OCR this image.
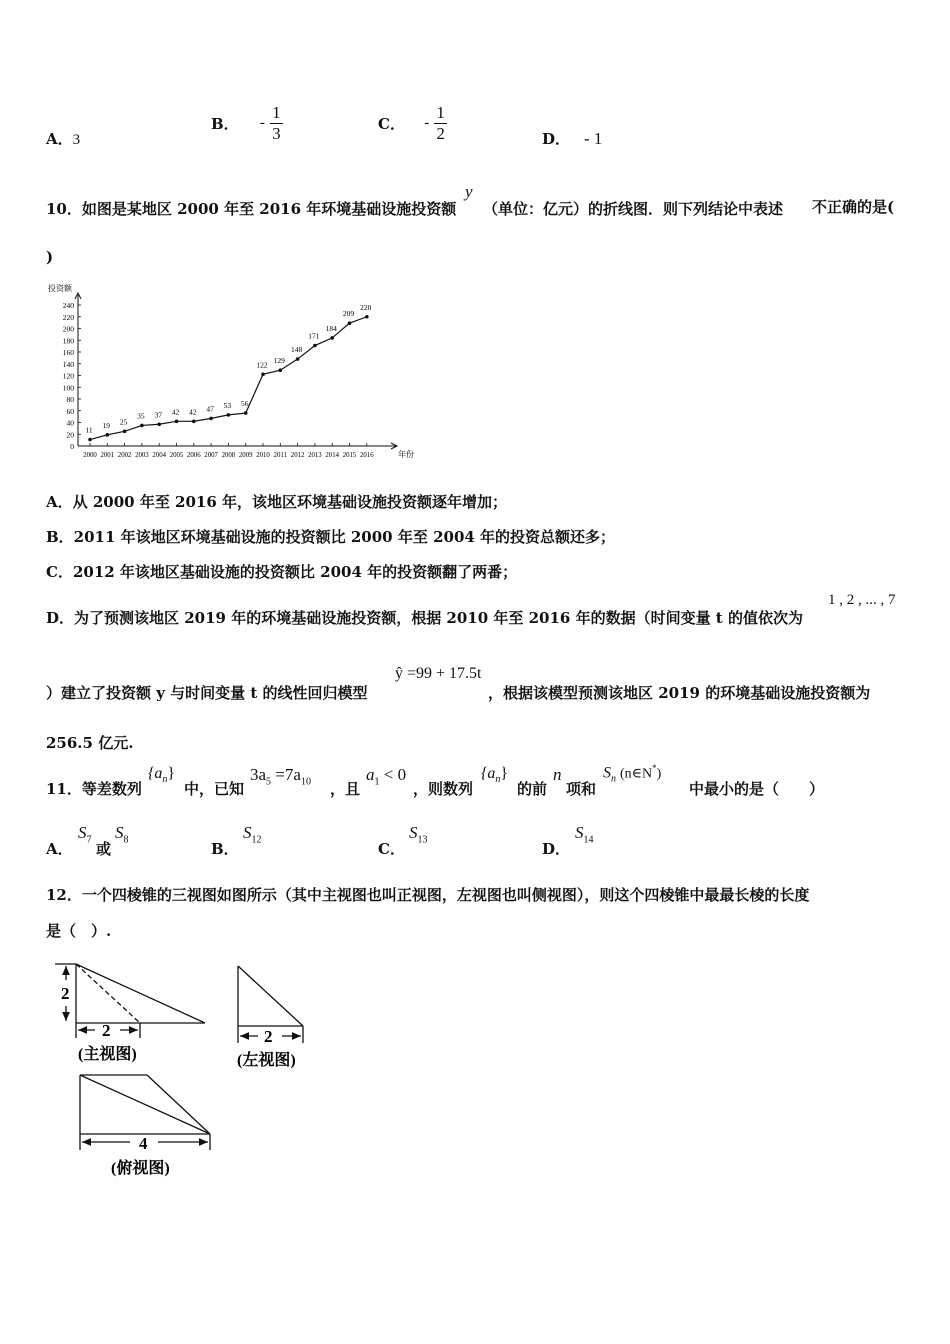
A．3
B． - $\frac{1}{3}$	C． - $\frac{1}{2}$	D． - 1
10．如图是某地区 2000 年至 2016 年环境基础设施投资额
y
（单位：亿元）的折线图．则下列结论中表述 不正确的是(
)
投资额
年份
0
20
40
60
80
100
120
140
160
180
200
220
240
2000 2001 2002 2003 2004 2005 2006 2007 2008 2009 2010 2011 2012 2013 2014 2015 2016
11
19 25
35 37 42 42 47 53 56
122 129
148
171
184
209
220
A．从 2000 年至 2016 年，该地区环境基础设施投资额逐年增加；
B．2011 年该地区环境基础设施的投资额比 2000 年至 2004 年的投资总额还多；
C．2012 年该地区基础设施的投资额比 2004 年的投资额翻了两番；
D．为了预测该地区 2019 年的环境基础设施投资额，根据 2010 年至 2016 年的数据（时间变量 t 的值依次为
1 , 2 , ... , 7
）建立了投资额 y 与时间变量 t 的线性回归模型
ŷ =99 + 17.5t
，根据该模型预测该地区 2019 的环境基础设施投资额为
256.5 亿元.
11．等差数列
$\{a_n\}$
中，已知
$3a_5 =7a_{10}$ ，且
$a_1 < 0$
，则数列
$\{a_n\}$
的前
n
项和
$S_n$ (n∈N*)
中最小的是（　　）
A．
$S_7$
或
$S_8$
B．
$S_{12}$
C．
$S_{13}$
D．
$S_{14}$
12．一个四棱锥的三视图如图所示（其中主视图也叫正视图，左视图也叫侧视图），则这个四棱锥中最最长棱的长度
是（　）.
2
2
(主视图)
2
(左视图)
4
(俯视图)
